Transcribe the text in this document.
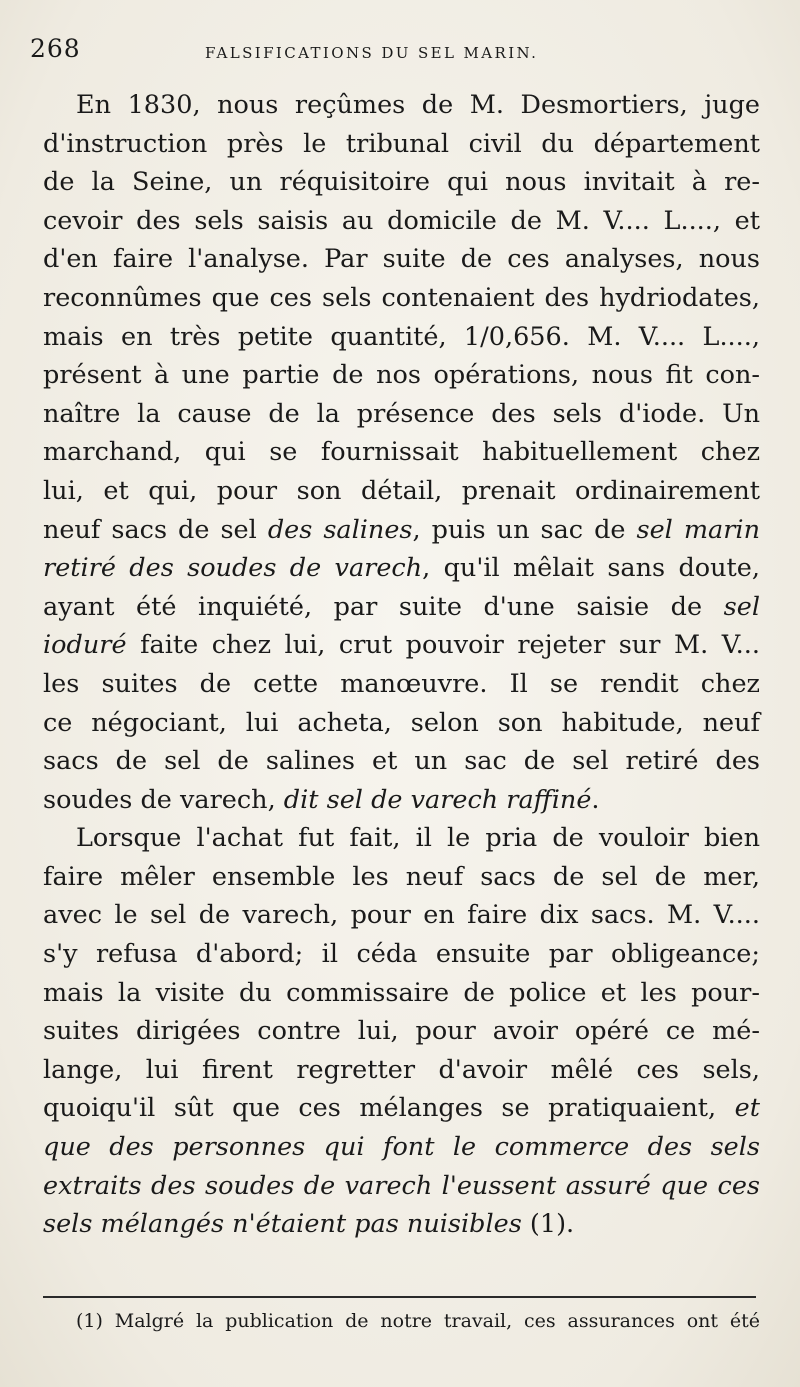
268	FALSIFICATIONS DU SEL MARIN.
En 1830, nous reçûmes de M. Desmortiers, juge
d'instruction près le tribunal civil du département
de la Seine, un réquisitoire qui nous invitait à re-
cevoir des sels saisis au domicile de M. V.... L...., et
d'en faire l'analyse. Par suite de ces analyses, nous
reconnûmes que ces sels contenaient des hydriodates,
mais en très petite quantité, 1/0,656. M. V.... L....,
présent à une partie de nos opérations, nous fit con-
naître la cause de la présence des sels d'iode. Un
marchand, qui se fournissait habituellement chez
lui, et qui, pour son détail, prenait ordinairement
neuf sacs de sel des salines, puis un sac de sel marin
retiré des soudes de varech, qu'il mêlait sans doute,
ayant été inquiété, par suite d'une saisie de sel
ioduré faite chez lui, crut pouvoir rejeter sur M. V...
les suites de cette manœuvre. Il se rendit chez
ce négociant, lui acheta, selon son habitude, neuf
sacs de sel de salines et un sac de sel retiré des
soudes de varech, dit sel de varech raffiné.
Lorsque l'achat fut fait, il le pria de vouloir bien
faire mêler ensemble les neuf sacs de sel de mer,
avec le sel de varech, pour en faire dix sacs. M. V....
s'y refusa d'abord; il céda ensuite par obligeance;
mais la visite du commissaire de police et les pour-
suites dirigées contre lui, pour avoir opéré ce mé-
lange, lui firent regretter d'avoir mêlé ces sels,
quoiqu'il sût que ces mélanges se pratiquaient, et
que des personnes qui font le commerce des sels
extraits des soudes de varech l'eussent assuré que ces
sels mélangés n'étaient pas nuisibles (1).
(1) Malgré la publication de notre travail, ces assurances ont été
